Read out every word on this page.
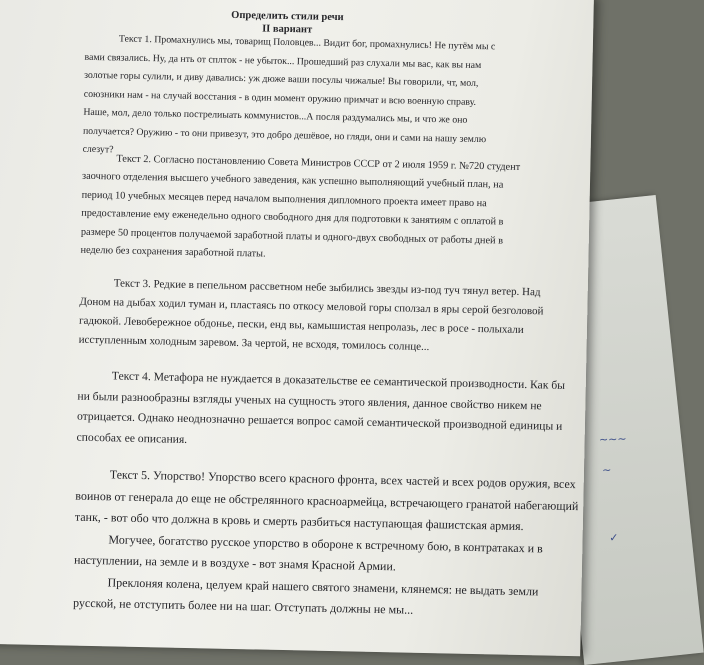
~~~
~
✓
Определить стили речи
II вариант
Текст 1. Промахнулись мы, товарищ Половцев... Видит бог, промахнулись! Не путём мы с
вами связались. Ну, да нть от сплток - не убыток... Прошедший раз слухали мы вас, как вы нам
золотые горы сулили, и диву давались: уж дюже ваши посулы чижалые! Вы говорили, чт, мол,
союзники нам - на случай восстания - в один момент оружию примчат и всю военную справу.
Наше, мол, дело только пострелиыать коммунистов...А посля раздумались мы, и что же оно
получается? Оружию - то они привезут, это добро дешёвое, но гляди, они и сами на нашу землю
слезут?
Текст 2. Согласно постановлению Совета Министров СССР от 2 июля 1959 г. №720 студент
заочного отделения высшего учебного заведения, как успешно выполняющий учебный план, на
период 10 учебных месяцев перед началом выполнения дипломного проекта имеет право на
предоставление ему еженедельно одного свободного дня для подготовки к занятиям с оплатой в
размере 50 процентов получаемой заработной платы и одного-двух свободных от работы дней в
неделю без сохранения заработной платы.
Текст 3. Редкие в пепельном рассветном небе зыбились звезды из-под туч тянул ветер. Над
Доном на дыбах ходил туман и, пластаясь по откосу меловой горы сползал в яры серой безголовой
гадюкой. Левобережное обдонье, пески, енд вы, камышистая непролазь, лес в росе - полыхали
исступленным холодным заревом. За чертой, не всходя, томилось солнце...
Текст 4. Метафора не нуждается в доказательстве ее семантической производности. Как бы
ни были разнообразны взгляды ученых на сущность этого явления, данное свойство никем не
отрицается. Однако неоднозначно решается вопрос самой семантической производной единицы и
способах ее описания.
Текст 5. Упорство! Упорство всего красного фронта, всех частей и всех родов оружия, всех
воинов от генерала до еще не обстрелянного красноармейца, встречающего гранатой набегающий
танк, - вот обо что должна в кровь и смерть разбиться наступающая фашистская армия.
Могучее, богатство русское упорство в обороне к встречному бою, в контратаках и в
наступлении, на земле и в воздухе - вот знамя Красной Армии.
Преклоняя колена, целуем край нашего святого знамени, клянемся: не выдать земли
русской, не отступить более ни на шаг. Отступать должны не мы...
